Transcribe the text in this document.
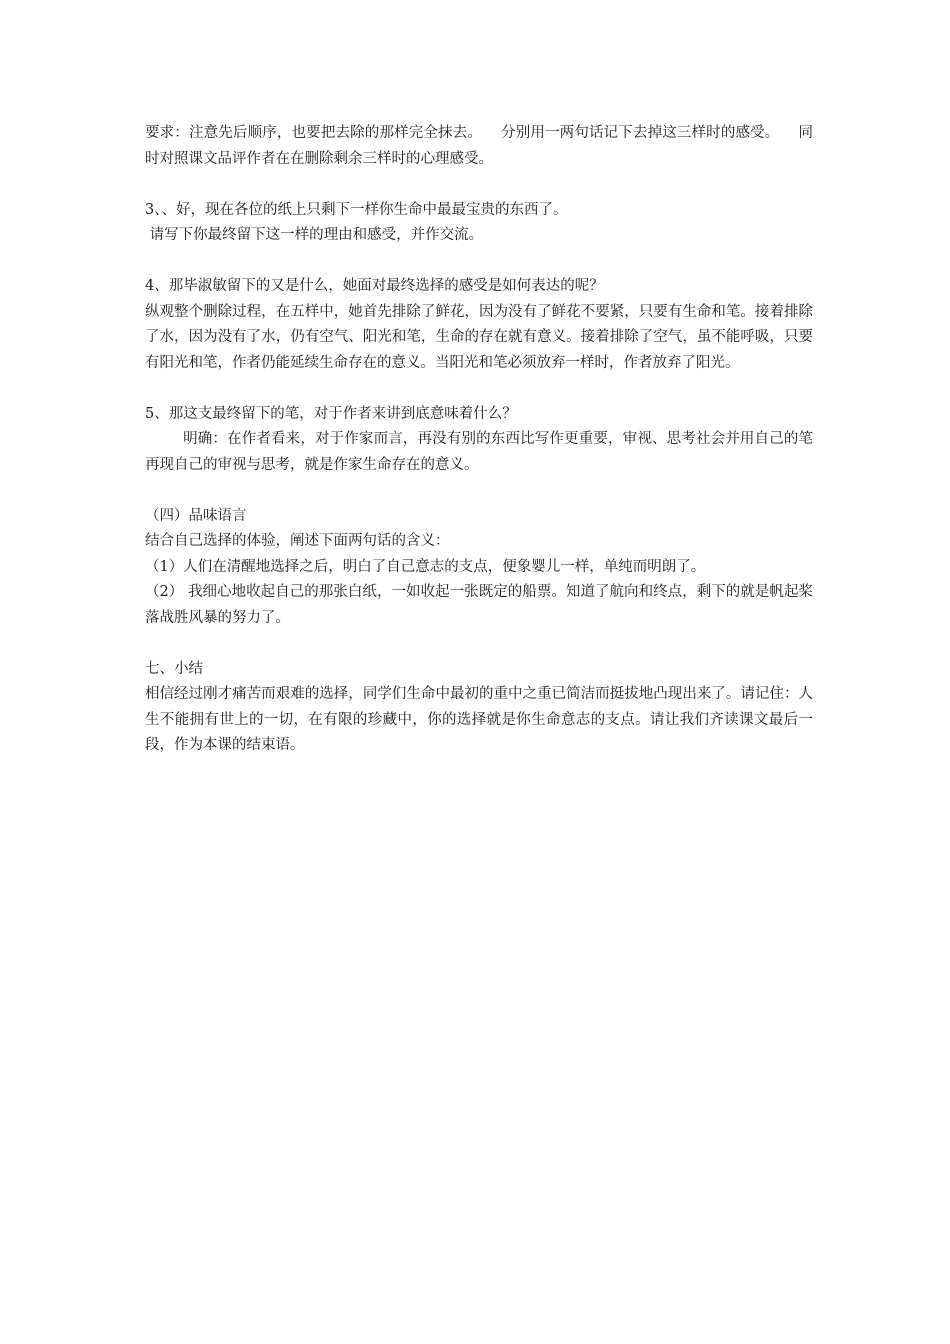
要求：注意先后顺序，也要把去除的那样完全抹去。    分别用一两句话记下去掉这三样时的感受。    同时对照课文品评作者在在删除剩余三样时的心理感受。

3、、好，现在各位的纸上只剩下一样你生命中最最宝贵的东西了。

请写下你最终留下这一样的理由和感受，并作交流。

4、那毕淑敏留下的又是什么，她面对最终选择的感受是如何表达的呢？

纵观整个删除过程，在五样中，她首先排除了鲜花，因为没有了鲜花不要紧，只要有生命和笔。接着排除了水，因为没有了水，仍有空气、阳光和笔，生命的存在就有意义。接着排除了空气，虽不能呼吸，只要有阳光和笔，作者仍能延续生命存在的意义。当阳光和笔必须放弃一样时，作者放弃了阳光。

5、那这支最终留下的笔，对于作者来讲到底意味着什么？

明确：在作者看来，对于作家而言，再没有别的东西比写作更重要，审视、思考社会并用自己的笔再现自己的审视与思考，就是作家生命存在的意义。

（四）品味语言

结合自己选择的体验，阐述下面两句话的含义：

（1）人们在清醒地选择之后，明白了自己意志的支点，便象婴儿一样，单纯而明朗了。

（2） 我细心地收起自己的那张白纸，一如收起一张既定的船票。知道了航向和终点，剩下的就是帆起桨落战胜风暴的努力了。

七、小结

相信经过刚才痛苦而艰难的选择，同学们生命中最初的重中之重已简洁而挺拔地凸现出来了。请记住：人生不能拥有世上的一切，在有限的珍藏中，你的选择就是你生命意志的支点。请让我们齐读课文最后一段，作为本课的结束语。
